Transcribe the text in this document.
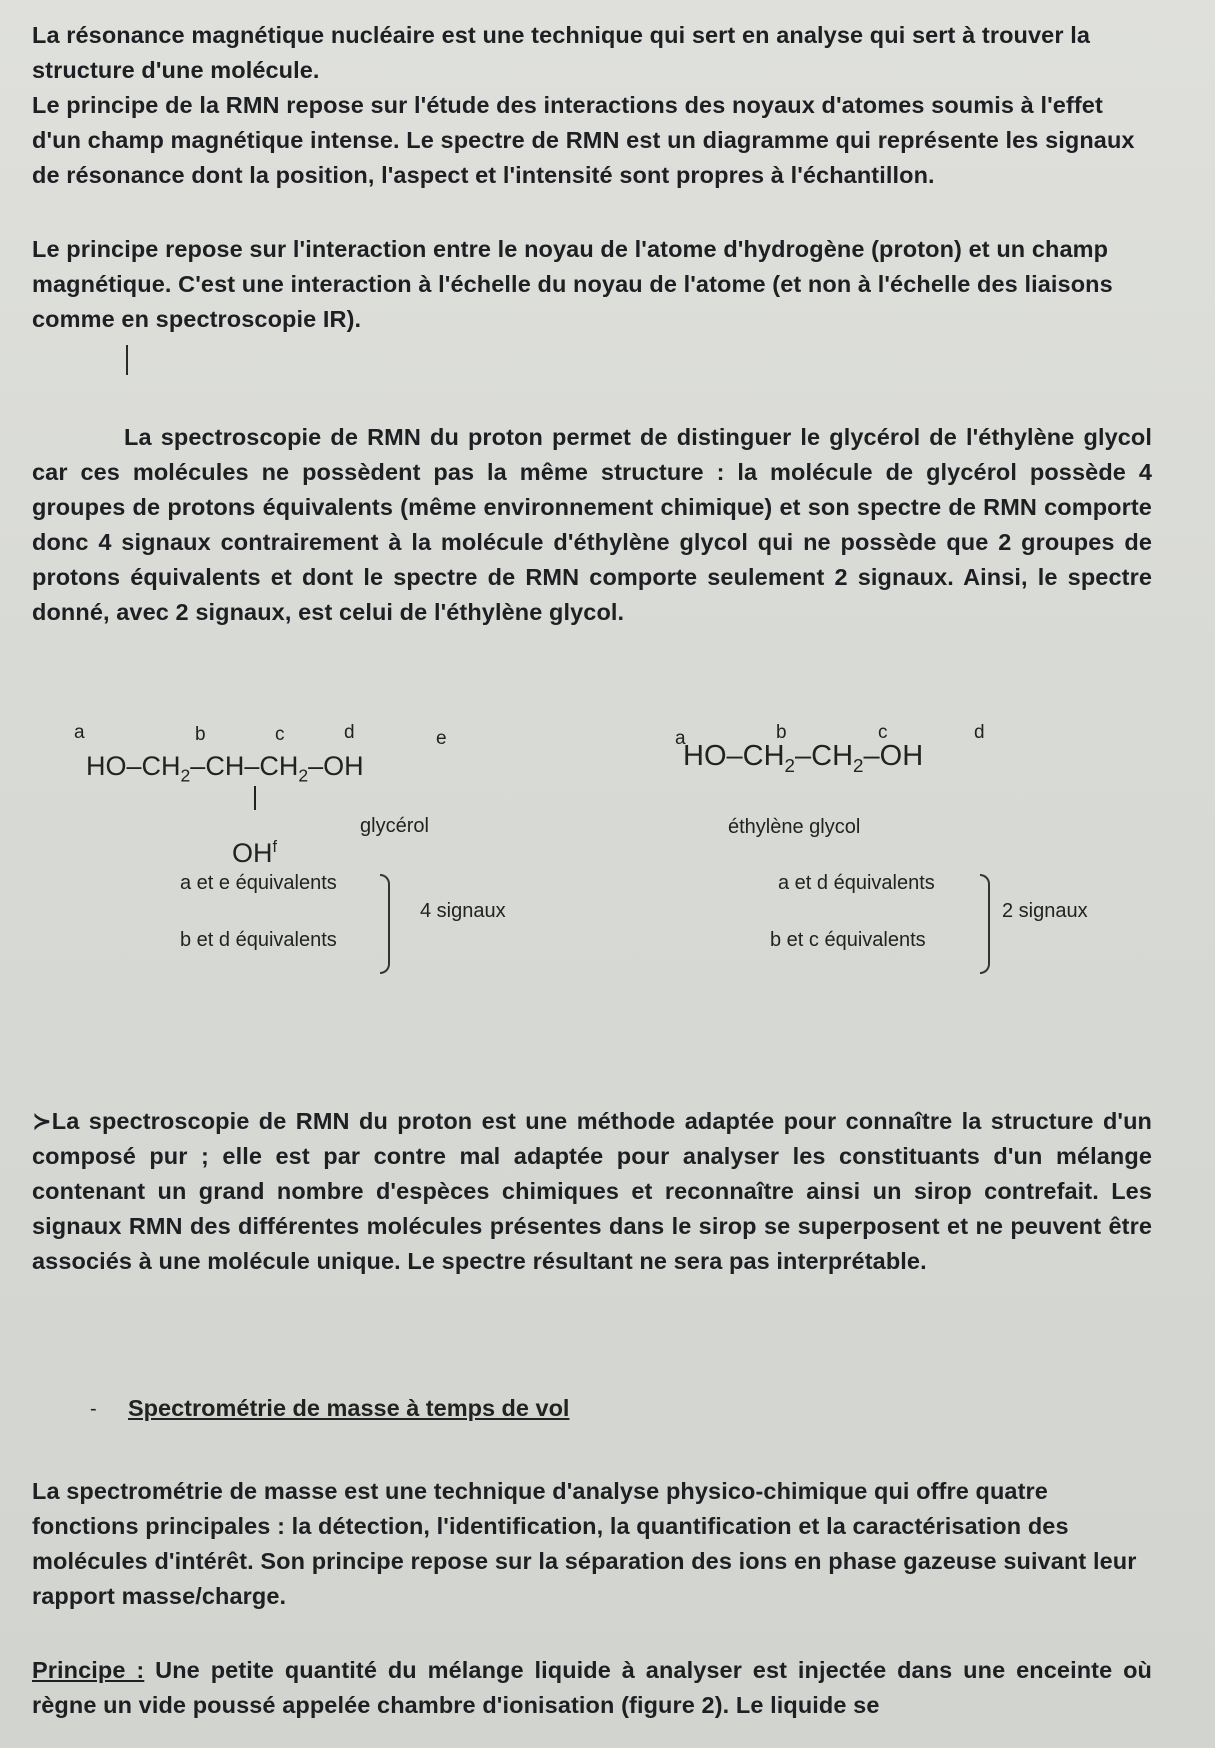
La résonance magnétique nucléaire est une technique qui sert en analyse qui sert à trouver la structure d'une molécule.

Le principe de la RMN repose sur l'étude des interactions des noyaux d'atomes soumis à l'effet d'un champ magnétique intense. Le spectre de RMN est un diagramme qui représente les signaux de résonance dont la position, l'aspect et l'intensité sont propres à l'échantillon.

Le principe repose sur l'interaction entre le noyau de l'atome d'hydrogène (proton) et un champ magnétique. C'est une interaction à l'échelle du noyau de l'atome (et non à l'échelle des liaisons comme en spectroscopie IR).

La spectroscopie de RMN du proton permet de distinguer le glycérol de l'éthylène glycol car ces molécules ne possèdent pas la même structure : la molécule de glycérol possède 4 groupes de protons équivalents (même environnement chimique) et son spectre de RMN comporte donc 4 signaux contrairement à la molécule d'éthylène glycol qui ne possède que 2 groupes de protons équivalents et dont le spectre de RMN comporte seulement 2 signaux. Ainsi, le spectre donné, avec 2 signaux, est celui de l'éthylène glycol.

a	b	c	d	e
$HO-CH_2-CH-CH_2-OH$
$OH^f$
glycérol
a et e équivalents
b et d équivalents
4 signaux
a	b	c	d
$HO-CH_2-CH_2-OH$
éthylène glycol
a et d équivalents
b et c équivalents
2 signaux

≻La spectroscopie de RMN du proton est une méthode adaptée pour connaître la structure d'un composé pur ; elle est par contre mal adaptée pour analyser les constituants d'un mélange contenant un grand nombre d'espèces chimiques et reconnaître ainsi un sirop contrefait. Les signaux RMN des différentes molécules présentes dans le sirop se superposent et ne peuvent être associés à une molécule unique. Le spectre résultant ne sera pas interprétable.

- Spectrométrie de masse à temps de vol

La spectrométrie de masse est une technique d'analyse physico-chimique qui offre quatre fonctions principales : la détection, l'identification, la quantification et la caractérisation des molécules d'intérêt. Son principe repose sur la séparation des ions en phase gazeuse suivant leur rapport masse/charge.

Principe : Une petite quantité du mélange liquide à analyser est injectée dans une enceinte où règne un vide poussé appelée chambre d'ionisation (figure 2). Le liquide se
